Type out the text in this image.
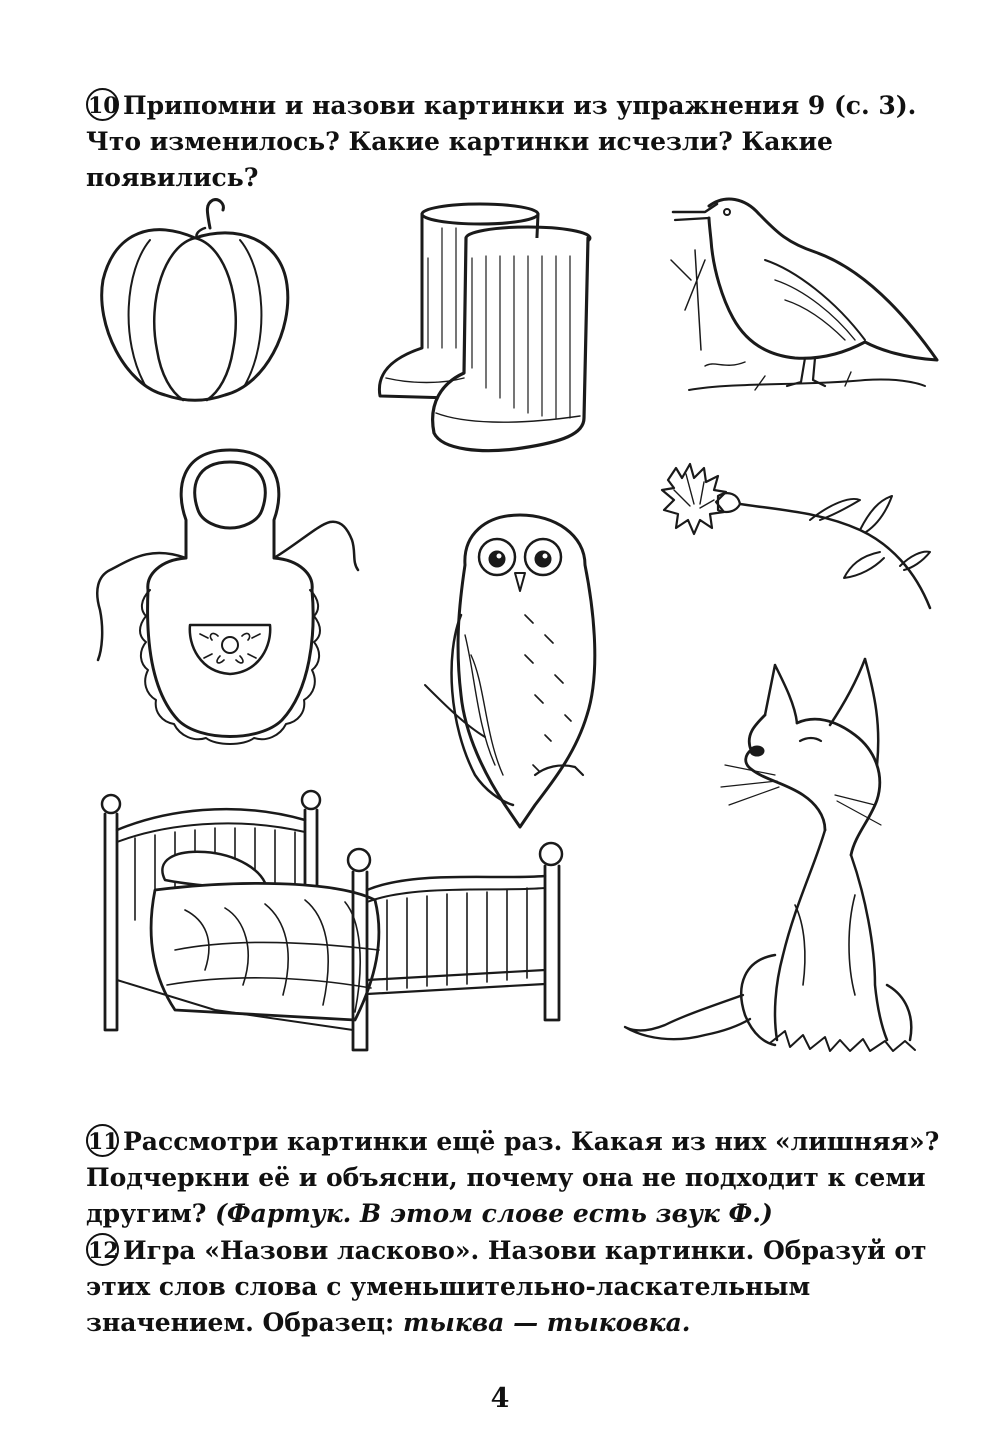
10 Припомни и назови картинки из упражнения 9 (с. 3). Что изменилось? Какие картинки исчезли? Какие появились?
11 Рассмотри картинки ещё раз. Какая из них «лишняя»? Подчеркни её и объясни, почему она не подходит к семи другим? (Фартук. В этом слове есть звук Ф.)
12 Игра «Назови ласково». Назови картинки. Образуй от этих слов слова с уменьшительно-ласкательным значением. Образец: тыква — тыковка.
4
